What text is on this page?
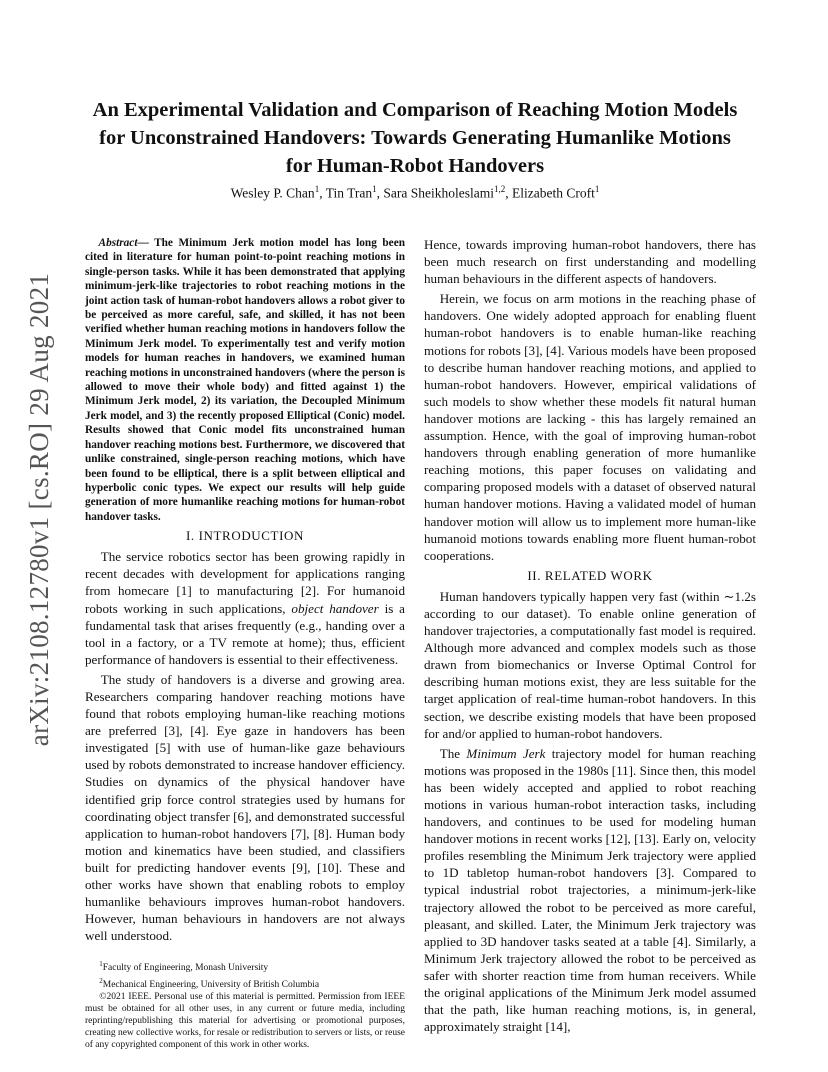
arXiv:2108.12780v1 [cs.RO] 29 Aug 2021
An Experimental Validation and Comparison of Reaching Motion Models for Unconstrained Handovers: Towards Generating Humanlike Motions for Human-Robot Handovers
Wesley P. Chan$^1$, Tin Tran$^1$, Sara Sheikholeslami$^{1,2}$, Elizabeth Croft$^1$

Abstract— The Minimum Jerk motion model has long been cited in literature for human point-to-point reaching motions in single-person tasks. While it has been demonstrated that applying minimum-jerk-like trajectories to robot reaching motions in the joint action task of human-robot handovers allows a robot giver to be perceived as more careful, safe, and skilled, it has not been verified whether human reaching motions in handovers follow the Minimum Jerk model. To experimentally test and verify motion models for human reaches in handovers, we examined human reaching motions in unconstrained handovers (where the person is allowed to move their whole body) and fitted against 1) the Minimum Jerk model, 2) its variation, the Decoupled Minimum Jerk model, and 3) the recently proposed Elliptical (Conic) model. Results showed that Conic model fits unconstrained human handover reaching motions best. Furthermore, we discovered that unlike constrained, single-person reaching motions, which have been found to be elliptical, there is a split between elliptical and hyperbolic conic types. We expect our results will help guide generation of more humanlike reaching motions for human-robot handover tasks.

I. INTRODUCTION

The service robotics sector has been growing rapidly in recent decades with development for applications ranging from homecare [1] to manufacturing [2]. For humanoid robots working in such applications, object handover is a fundamental task that arises frequently (e.g., handing over a tool in a factory, or a TV remote at home); thus, efficient performance of handovers is essential to their effectiveness.

The study of handovers is a diverse and growing area. Researchers comparing handover reaching motions have found that robots employing human-like reaching motions are preferred [3], [4]. Eye gaze in handovers has been investigated [5] with use of human-like gaze behaviours used by robots demonstrated to increase handover efficiency. Studies on dynamics of the physical handover have identified grip force control strategies used by humans for coordinating object transfer [6], and demonstrated successful application to human-robot handovers [7], [8]. Human body motion and kinematics have been studied, and classifiers built for predicting handover events [9], [10]. These and other works have shown that enabling robots to employ humanlike behaviours improves human-robot handovers. However, human behaviours in handovers are not always well understood.

$^1$Faculty of Engineering, Monash University
$^2$Mechanical Engineering, University of British Columbia
©2021 IEEE. Personal use of this material is permitted. Permission from IEEE must be obtained for all other uses, in any current or future media, including reprinting/republishing this material for advertising or promotional purposes, creating new collective works, for resale or redistribution to servers or lists, or reuse of any copyrighted component of this work in other works.

Hence, towards improving human-robot handovers, there has been much research on first understanding and modelling human behaviours in the different aspects of handovers.

Herein, we focus on arm motions in the reaching phase of handovers. One widely adopted approach for enabling fluent human-robot handovers is to enable human-like reaching motions for robots [3], [4]. Various models have been proposed to describe human handover reaching motions, and applied to human-robot handovers. However, empirical validations of such models to show whether these models fit natural human handover motions are lacking - this has largely remained an assumption. Hence, with the goal of improving human-robot handovers through enabling generation of more humanlike reaching motions, this paper focuses on validating and comparing proposed models with a dataset of observed natural human handover motions. Having a validated model of human handover motion will allow us to implement more human-like humanoid motions towards enabling more fluent human-robot cooperations.

II. RELATED WORK

Human handovers typically happen very fast (within ∼1.2s according to our dataset). To enable online generation of handover trajectories, a computationally fast model is required. Although more advanced and complex models such as those drawn from biomechanics or Inverse Optimal Control for describing human motions exist, they are less suitable for the target application of real-time human-robot handovers. In this section, we describe existing models that have been proposed for and/or applied to human-robot handovers.

The Minimum Jerk trajectory model for human reaching motions was proposed in the 1980s [11]. Since then, this model has been widely accepted and applied to robot reaching motions in various human-robot interaction tasks, including handovers, and continues to be used for modeling human handover motions in recent works [12], [13]. Early on, velocity profiles resembling the Minimum Jerk trajectory were applied to 1D tabletop human-robot handovers [3]. Compared to typical industrial robot trajectories, a minimum-jerk-like trajectory allowed the robot to be perceived as more careful, pleasant, and skilled. Later, the Minimum Jerk trajectory was applied to 3D handover tasks seated at a table [4]. Similarly, a Minimum Jerk trajectory allowed the robot to be perceived as safer with shorter reaction time from human receivers. While the original applications of the Minimum Jerk model assumed that the path, like human reaching motions, is, in general, approximately straight [14],
